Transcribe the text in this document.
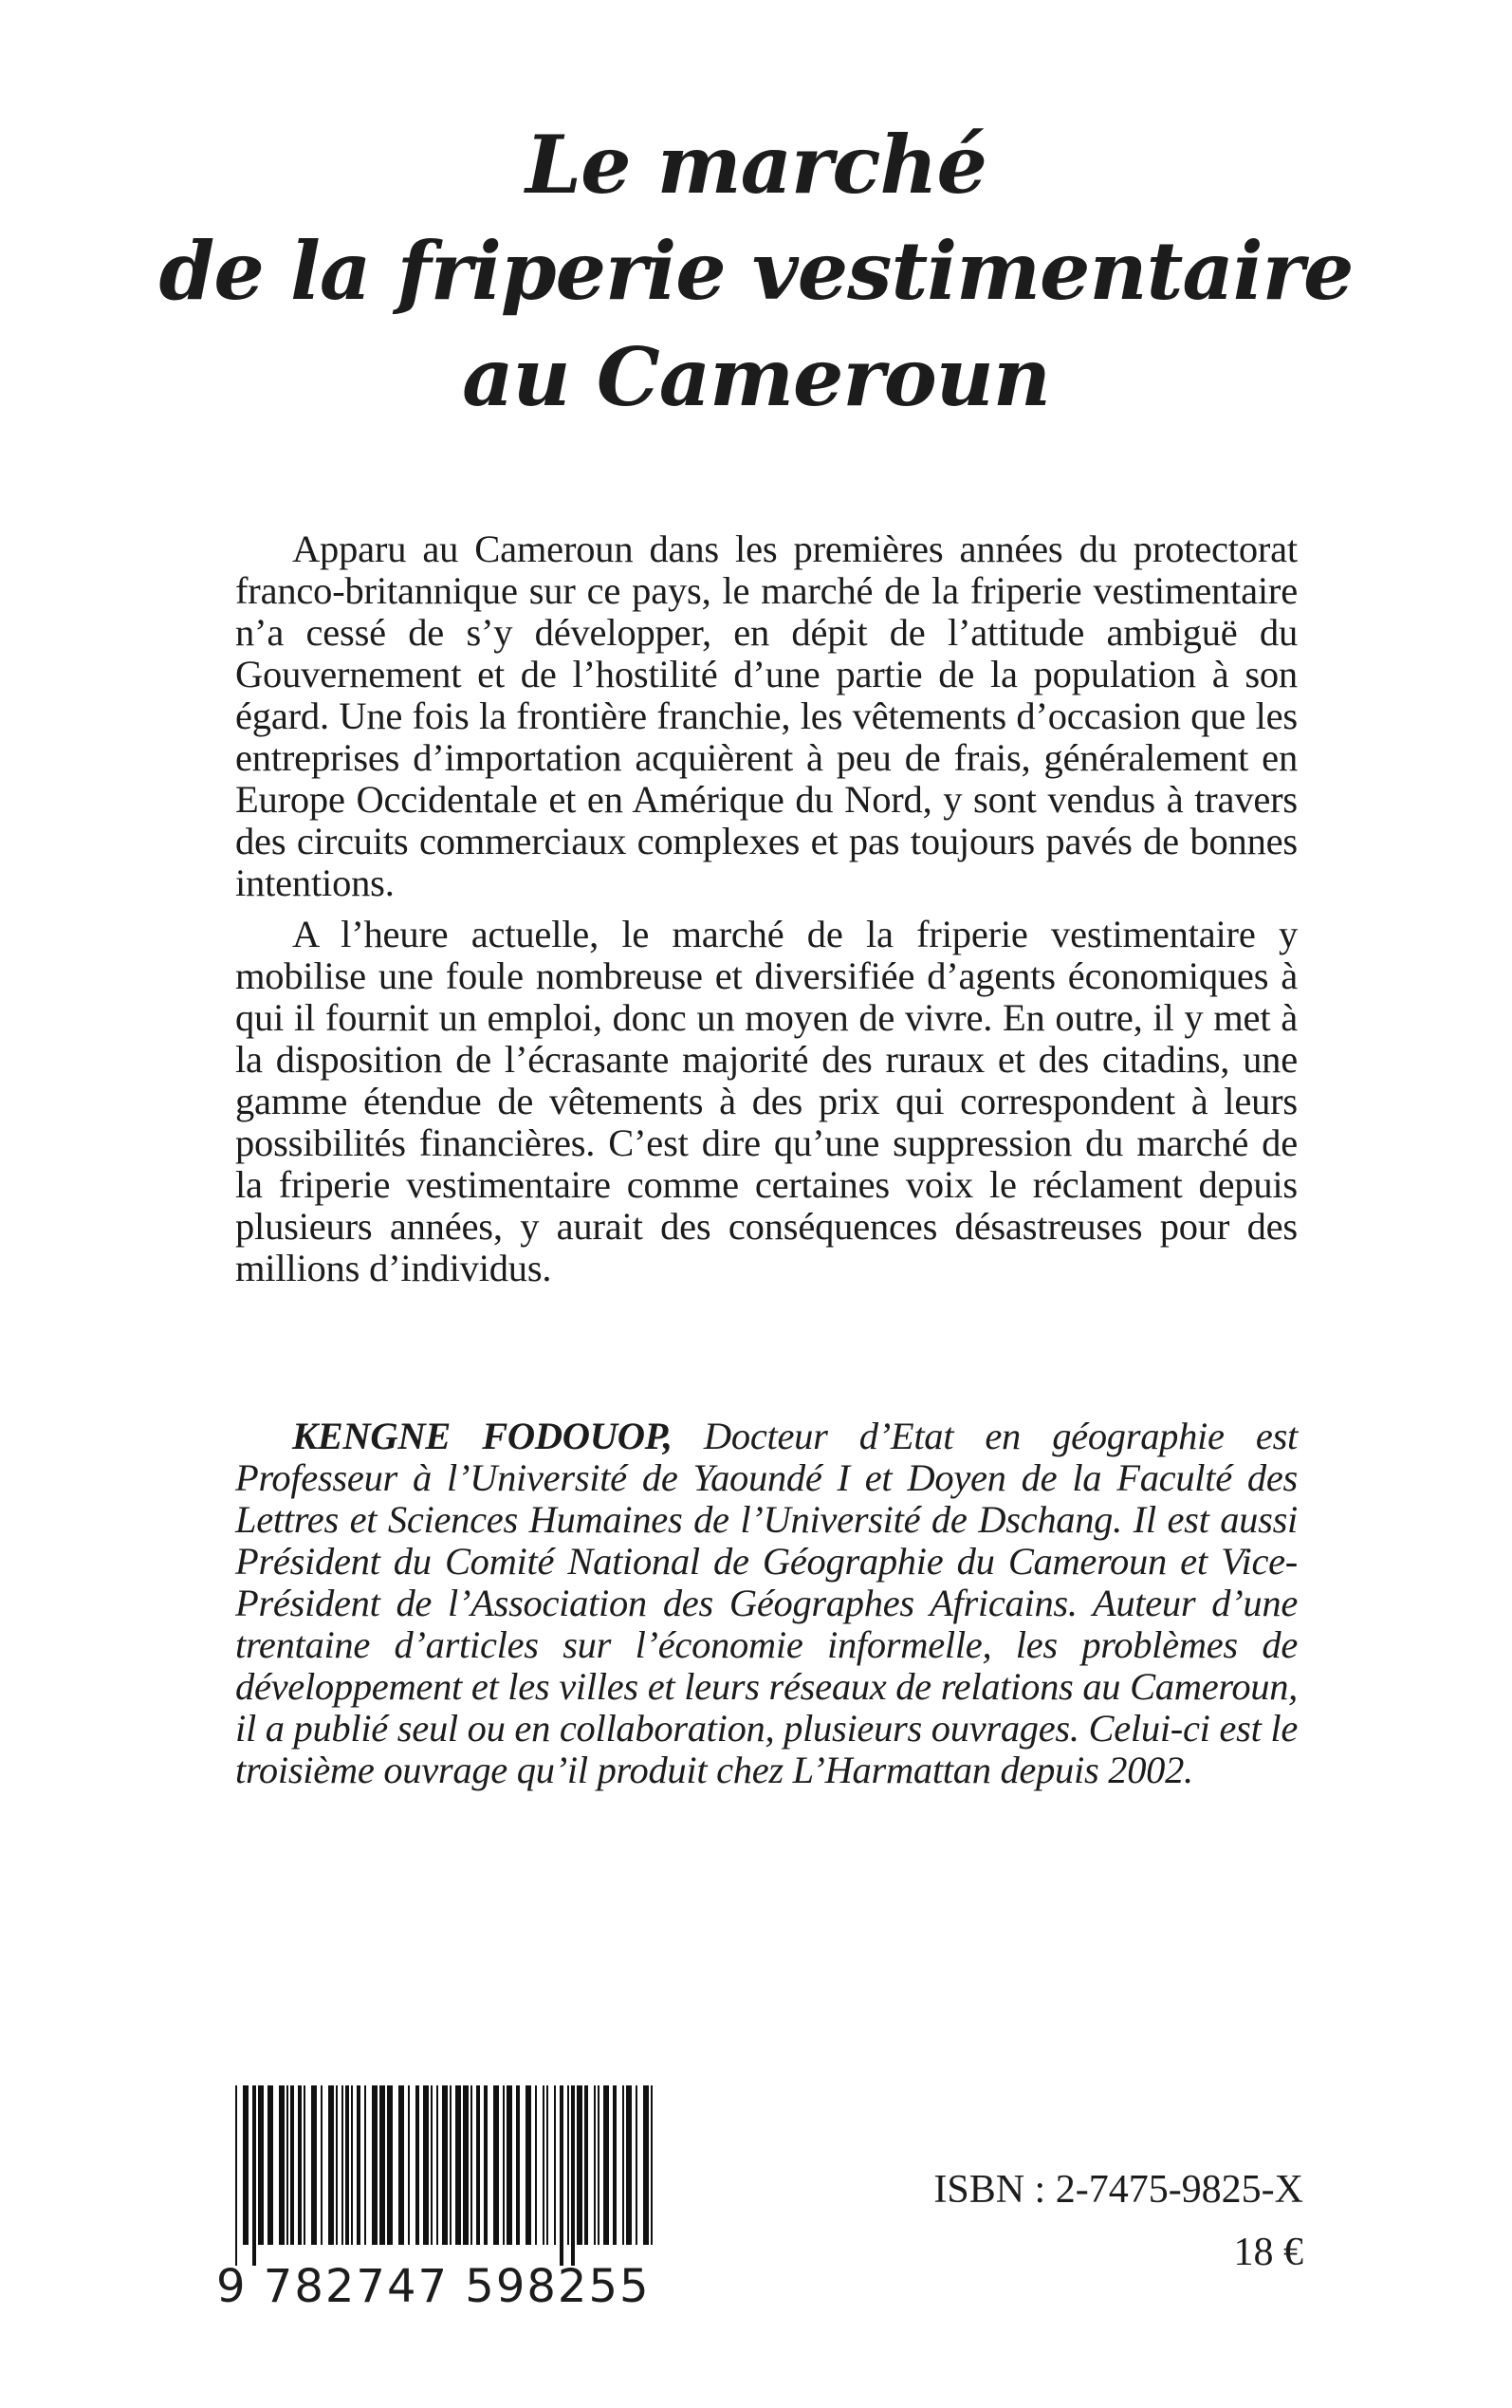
Le marché
de la friperie vestimentaire
au Cameroun

Apparu au Cameroun dans les premières années du protectorat franco-britannique sur ce pays, le marché de la friperie vestimentaire n’a cessé de s’y développer, en dépit de l’attitude ambiguë du Gouvernement et de l’hostilité d’une partie de la population à son égard. Une fois la frontière franchie, les vêtements d’occasion que les entreprises d’importation acquièrent à peu de frais, généralement en Europe Occidentale et en Amérique du Nord, y sont vendus à travers des circuits commerciaux complexes et pas toujours pavés de bonnes intentions.

A l’heure actuelle, le marché de la friperie vestimentaire y mobilise une foule nombreuse et diversifiée d’agents économiques à qui il fournit un emploi, donc un moyen de vivre. En outre, il y met à la disposition de l’écrasante majorité des ruraux et des citadins, une gamme étendue de vêtements à des prix qui correspondent à leurs possibilités financières. C’est dire qu’une suppression du marché de la friperie vestimentaire comme certaines voix le réclament depuis plusieurs années, y aurait des conséquences désastreuses pour des millions d’individus.

KENGNE FODOUOP, Docteur d’Etat en géographie est Professeur à l’Université de Yaoundé I et Doyen de la Faculté des Lettres et Sciences Humaines de l’Université de Dschang. Il est aussi Président du Comité National de Géographie du Cameroun et Vice-Président de l’Association des Géographes Africains. Auteur d’une trentaine d’articles sur l’économie informelle, les problèmes de développement et les villes et leurs réseaux de relations au Cameroun, il a publié seul ou en collaboration, plusieurs ouvrages. Celui-ci est le troisième ouvrage qu’il produit chez L’Harmattan depuis 2002.
9 782747 598255
ISBN : 2-7475-9825-X
18 €
